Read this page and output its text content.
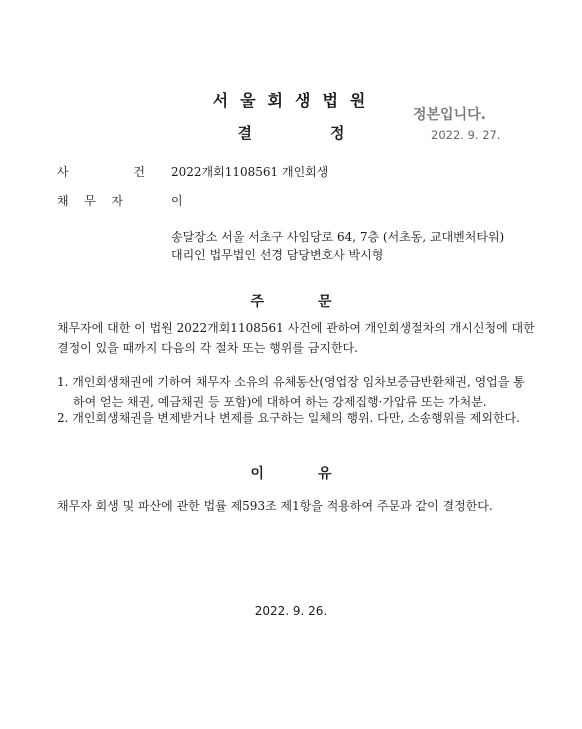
서울회생법원
결정
정본입니다.
2022. 9. 27.
사	건 2022개회1108561 개인회생
채 무 자	이
송달장소 서울 서초구 사임당로 64, 7층 (서초동, 교대벤처타워)
대리인 법무법인 선경 담당변호사 박시형
주문
채무자에 대한 이 법원 2022개회1108561 사건에 관하여 개인회생절차의 개시신청에 대한 결정이 있을 때까지 다음의 각 절차 또는 행위를 금지한다.
1. 개인회생채권에 기하여 채무자 소유의 유체동산(영업장 임차보증금반환채권, 영업을 통하여 얻는 채권, 예금채권 등 포함)에 대하여 하는 강제집행·가압류 또는 가처분.
2. 개인회생채권을 변제받거나 변제를 요구하는 일체의 행위. 다만, 소송행위를 제외한다.
이유
채무자 회생 및 파산에 관한 법률 제593조 제1항을 적용하여 주문과 같이 결정한다.
2022. 9. 26.
